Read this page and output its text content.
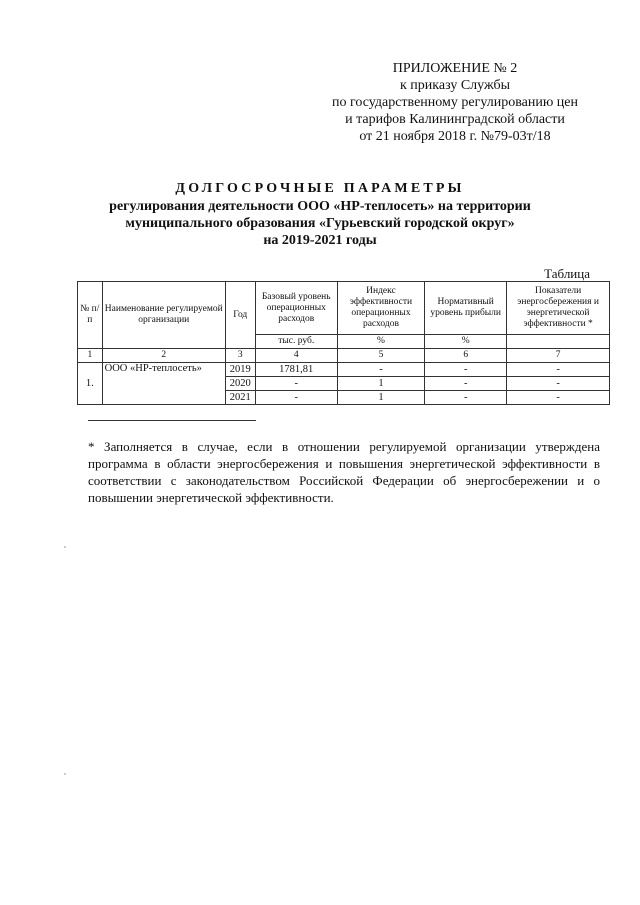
ПРИЛОЖЕНИЕ № 2
к приказу Службы
по государственному регулированию цен
и тарифов Калининградской области
от 21 ноября 2018 г. №79-03т/18
ДОЛГОСРОЧНЫЕ ПАРАМЕТРЫ
регулирования деятельности ООО «НР-теплосеть» на территории
муниципального образования «Гурьевский городской округ»
на 2019-2021 годы
Таблица
№ п/п	Наименование регулируемой организации	Год	Базовый уровень операционных расходов	Индекс эффективности операционных расходов	Нормативный уровень прибыли	Показатели энергосбережения и энергетической эффективности *
			тыс. руб.	%	%	
1	2	3	4	5	6	7
1.	ООО «НР-теплосеть»	2019	1781,81	-	-	-
		2020	-	1	-	-
		2021	-	1	-	-
* Заполняется в случае, если в отношении регулируемой организации утверждена программа в области энергосбережения и повышения энергетической эффективности в соответствии с законодательством Российской Федерации об энергосбережении и о повышении энергетической эффективности.
